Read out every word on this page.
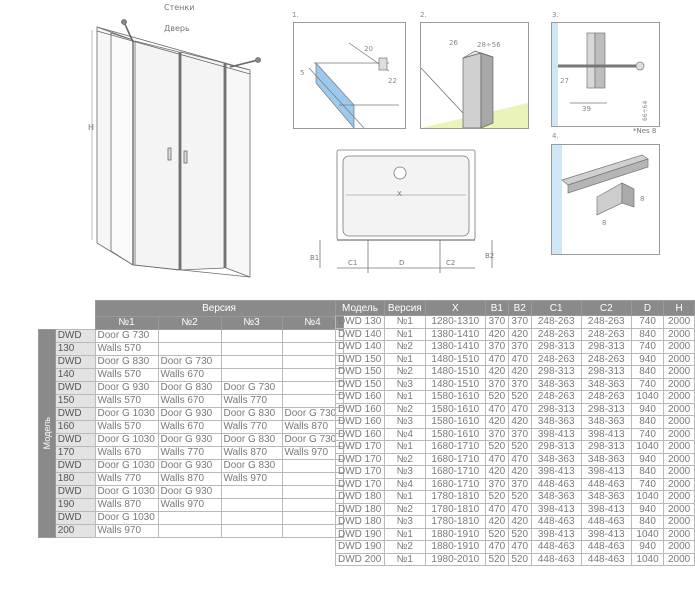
Стенки
Дверь
H
1.
20
5
22
2.
26	28÷56
3.
27
39	66÷64
*Nes 8
4.
8
8
X
B1	B2
C1	D	C2
		Версия			
		№1	№2	№3	№4

Модель	DWD	Door G 730			
	130	Walls 570			
	DWD	Door G 830	Door G 730		
	140	Walls 570	Walls 670		
	DWD	Door G 930	Door G 830	Door G 730	
	150	Walls 570	Walls 670	Walls 770	
	DWD	Door G 1030	Door G 930	Door G 830	Door G 730
	160	Walls 570	Walls 670	Walls 770	Walls 870
	DWD	Door G 1030	Door G 930	Door G 830	Door G 730
	170	Walls 670	Walls 770	Walls 870	Walls 970
	DWD	Door G 1030	Door G 930	Door G 830	
	180	Walls 770	Walls 870	Walls 970	
	DWD	Door G 1030	Door G 930		
	190	Walls 870	Walls 970		
	DWD	Door G 1030			
	200	Walls 970			
Модель	Версия	X	B1	B2	C1	C2	D	H
DWD 130	№1	1280-1310	370	370	248-263	248-263	740	2000
DWD 140	№1	1380-1410	420	420	248-263	248-263	840	2000
DWD 140	№2	1380-1410	370	370	298-313	298-313	740	2000
DWD 150	№1	1480-1510	470	470	248-263	248-263	940	2000
DWD 150	№2	1480-1510	420	420	298-313	298-313	840	2000
DWD 150	№3	1480-1510	370	370	348-363	348-363	740	2000
DWD 160	№1	1580-1610	520	520	248-263	248-263	1040	2000
DWD 160	№2	1580-1610	470	470	298-313	298-313	940	2000
DWD 160	№3	1580-1610	420	420	348-363	348-363	840	2000
DWD 160	№4	1580-1610	370	370	398-413	398-413	740	2000
DWD 170	№1	1680-1710	520	520	298-313	298-313	1040	2000
DWD 170	№2	1680-1710	470	470	348-363	348-363	940	2000
DWD 170	№3	1680-1710	420	420	398-413	398-413	840	2000
DWD 170	№4	1680-1710	370	370	448-463	448-463	740	2000
DWD 180	№1	1780-1810	520	520	348-363	348-363	1040	2000
DWD 180	№2	1780-1810	470	470	398-413	398-413	940	2000
DWD 180	№3	1780-1810	420	420	448-463	448-463	840	2000
DWD 190	№1	1880-1910	520	520	398-413	398-413	1040	2000
DWD 190	№2	1880-1910	470	470	448-463	448-463	940	2000
DWD 200	№1	1980-2010	520	520	448-463	448-463	1040	2000
